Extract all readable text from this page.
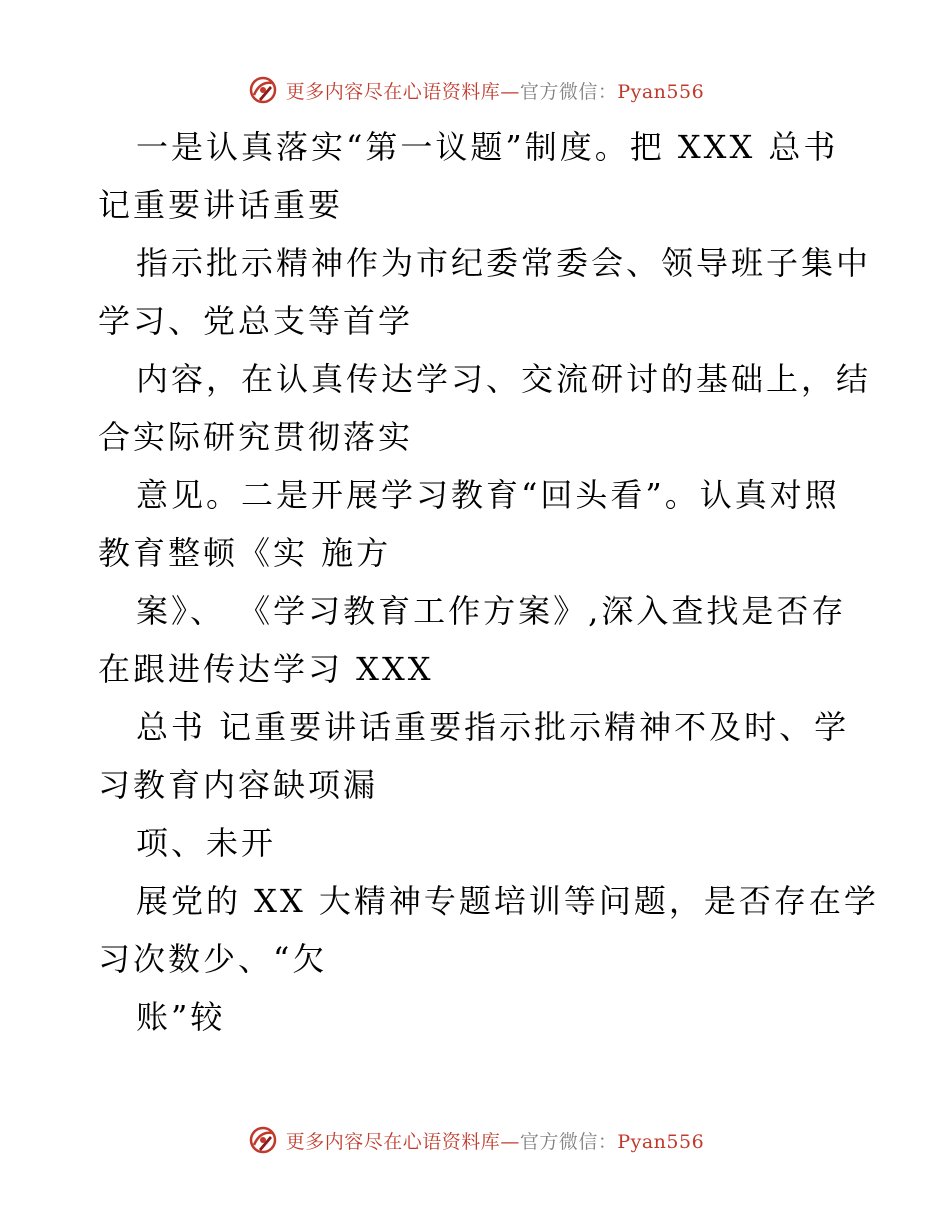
更多内容尽在心语资料库—官方微信：Pyan556
一是认真落实“第一议题”制度。把 XXX 总书
记重要讲话重要
指示批示精神作为市纪委常委会、领导班子集中
学习、党总支等首学
内容，在认真传达学习、交流研讨的基础上，结
合实际研究贯彻落实
意见。二是开展学习教育“回头看”。认真对照
教育整顿《实 施方
案》、 《学习教育工作方案》,深入查找是否存
在跟进传达学习 XXX
总书 记重要讲话重要指示批示精神不及时、学
习教育内容缺项漏
项、未开
展党的 XX 大精神专题培训等问题，是否存在学
习次数少、“欠
账”较
更多内容尽在心语资料库—官方微信：Pyan556
